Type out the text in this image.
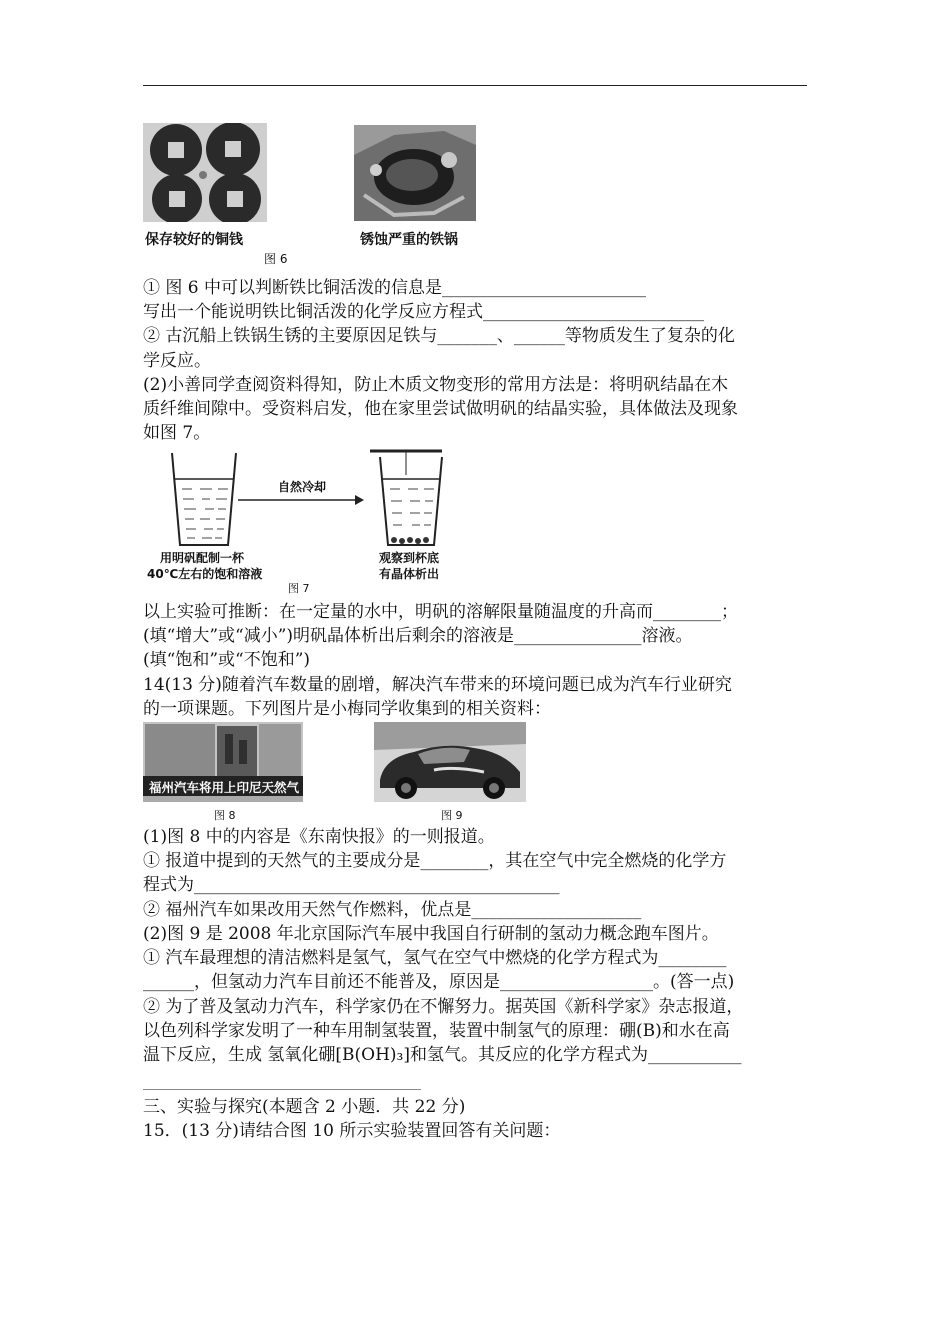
保存较好的铜钱	锈蚀严重的铁锅
图 6
① 图 6 中可以判断铁比铜活泼的信息是________________________
写出一个能说明铁比铜活泼的化学反应方程式__________________________
② 古沉船上铁锅生锈的主要原因足铁与_______、______等物质发生了复杂的化
学反应。
(2)小善同学查阅资料得知，防止木质文物变形的常用方法是：将明矾结晶在木
质纤维间隙中。受资料启发，他在家里尝试做明矾的结晶实验，具体做法及现象
如图 7。
自然冷却
用明矾配制一杯
40℃左右的饱和溶液
观察到杯底
有晶体析出
图 7
以上实验可推断：在一定量的水中，明矾的溶解限量随温度的升高而________；
(填“增大”或“减小”)明矾晶体析出后剩余的溶液是_______________溶液。
(填“饱和”或“不饱和”)
14(13 分)随着汽车数量的剧增，解决汽车带来的环境问题已成为汽车行业研究
的一项课题。下列图片是小梅同学收集到的相关资料：
福州汽车将用上印尼天然气
图 8	图 9
(1)图 8 中的内容是《东南快报》的一则报道。
① 报道中提到的天然气的主要成分是________，其在空气中完全燃烧的化学方
程式为___________________________________________
② 福州汽车如果改用天然气作燃料，优点是____________________
(2)图 9 是 2008 年北京国际汽车展中我国自行研制的氢动力概念跑车图片。
① 汽车最理想的清洁燃料是氢气，氢气在空气中燃烧的化学方程式为________
______，但氢动力汽车目前还不能普及，原因是__________________。(答一点)
② 为了普及氢动力汽车，科学家仍在不懈努力。据英国《新科学家》杂志报道，
以色列科学家发明了一种车用制氢装置，装置中制氢气的原理：硼(B)和水在高
温下反应，生成 氢氧化硼[B(OH)₃]和氢气。其反应的化学方程式为___________
三、实验与探究(本题含 2 小题．共 22 分)
15．(13 分)请结合图 10 所示实验装置回答有关问题：
